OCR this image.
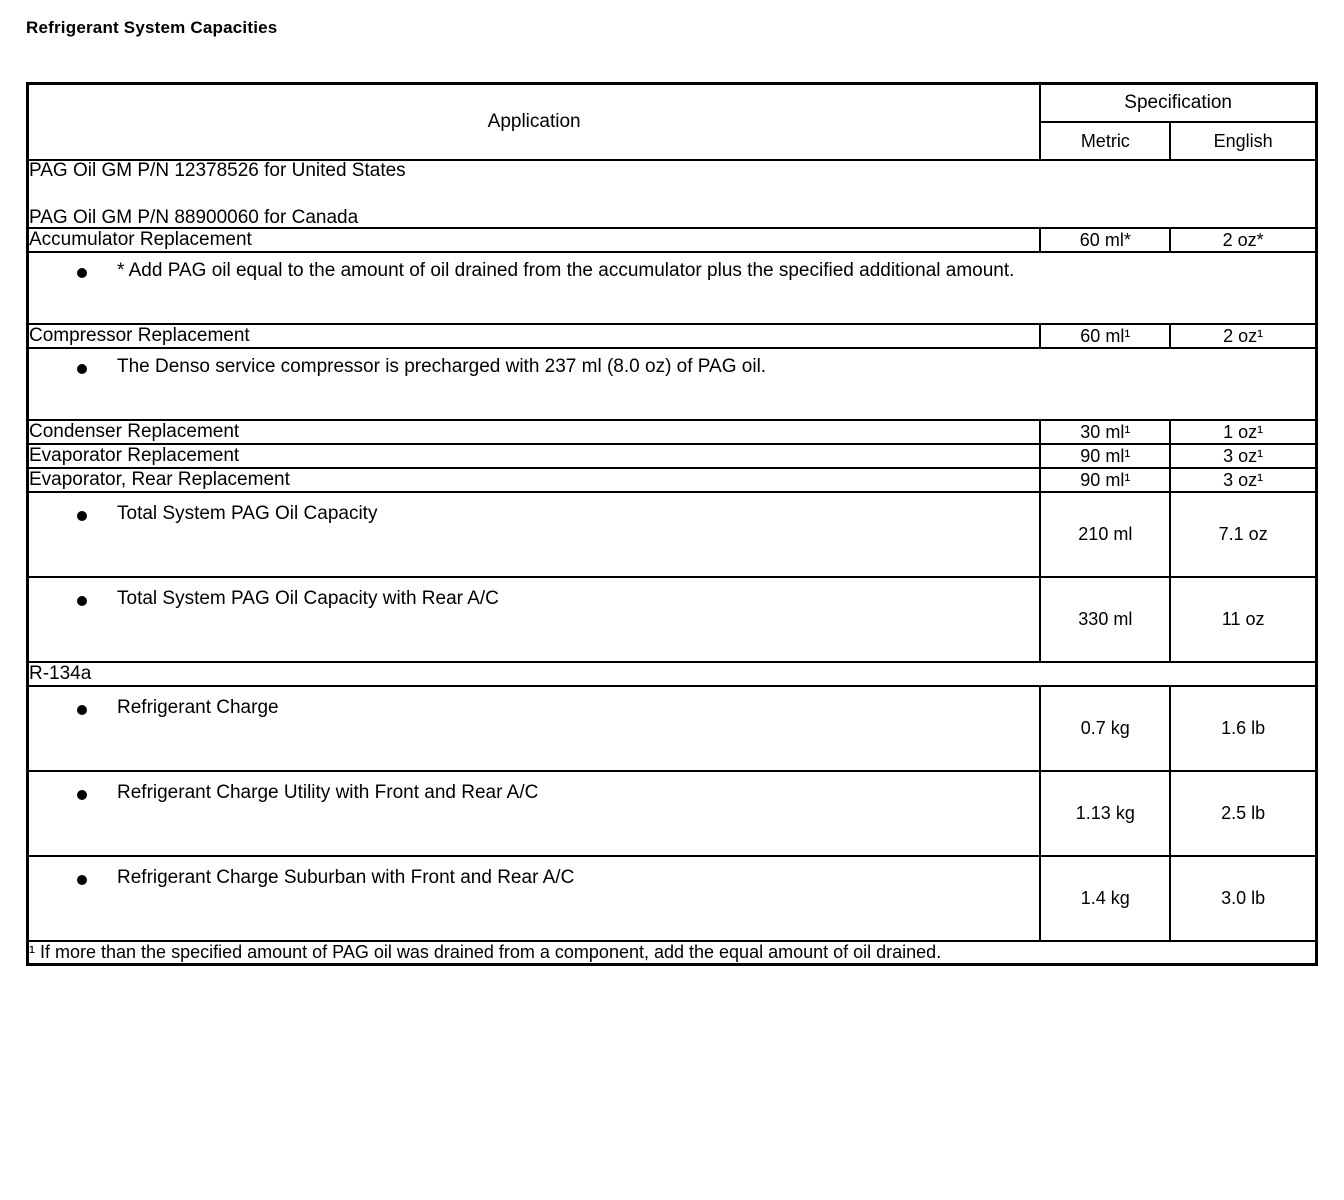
Refrigerant System Capacities
Application	Specification	
	Metric	English

PAG Oil GM P/N 12378526 for United States
PAG Oil GM P/N 88900060 for Canada		

Accumulator Replacement	60 ml*	2 oz*

* Add PAG oil equal to the amount of oil drained from the accumulator plus the specified additional amount.		

Compressor Replacement	60 ml¹	2 oz¹

The Denso service compressor is precharged with 237 ml (8.0 oz) of PAG oil.		

Condenser Replacement	30 ml¹	1 oz¹
Evaporator Replacement	90 ml¹	3 oz¹
Evaporator, Rear Replacement	90 ml¹	3 oz¹

Total System PAG Oil Capacity	210 ml	7.1 oz

Total System PAG Oil Capacity with Rear A/C	330 ml	11 oz
R-134a		

Refrigerant Charge	0.7 kg	1.6 lb

Refrigerant Charge Utility with Front and Rear A/C	1.13 kg	2.5 lb

Refrigerant Charge Suburban with Front and Rear A/C	1.4 kg	3.0 lb
¹ If more than the specified amount of PAG oil was drained from a component, add the equal amount of oil drained.		
